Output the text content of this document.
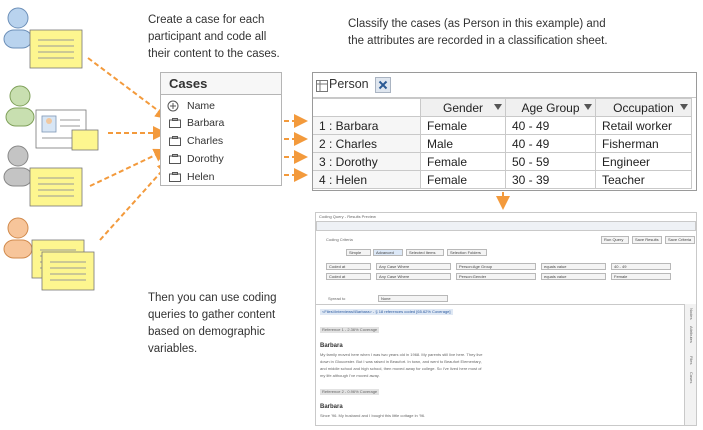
Create a case for each
participant and code all
their content to the cases.
Classify the cases (as Person in this example) and
the attributes are recorded in a classification sheet.
Then you can use coding
queries to gather content
based on demographic
variables.
Cases
Name
Barbara
Charles
Dorothy
Helen
Person
	Gender	Age Group	Occupation

1 : Barbara	Female	40 - 49	Retail worker
2 : Charles	Male	40 - 49	Fisherman
3 : Dorothy	Female	50 - 59	Engineer
4 : Helen	Female	30 - 39	Teacher
Coding Query - Results Preview
Coding Criteria	Run Query	Save Results	Save Criteria
Simple	Advanced	Selected Items	Selection Folders
Coded at	Any Case Where	Person:Age Group	equals value	40 - 49
Coded at	Any Case Where	Person:Gender	equals value	Female
Spread to	None
<Files\\Interviews\\Barbara> - § 18 references coded [65.62% Coverage]
Reference 1 - 2.36% Coverage
Barbara
My family moved here when I was two years old in 1968. My parents still live here. They live
down in Gloucester. But I was raised in Beaufort. In town, and went to Beaufort Elementary,
and middle school and high school, then moved away for college. So I've lived here most of
my life although I've moved away.
Reference 2 - 0.96% Coverage
Barbara
Since '96. My husband and I bought this little cottage in '96.
Nodes
Attributes
Files
Cases
